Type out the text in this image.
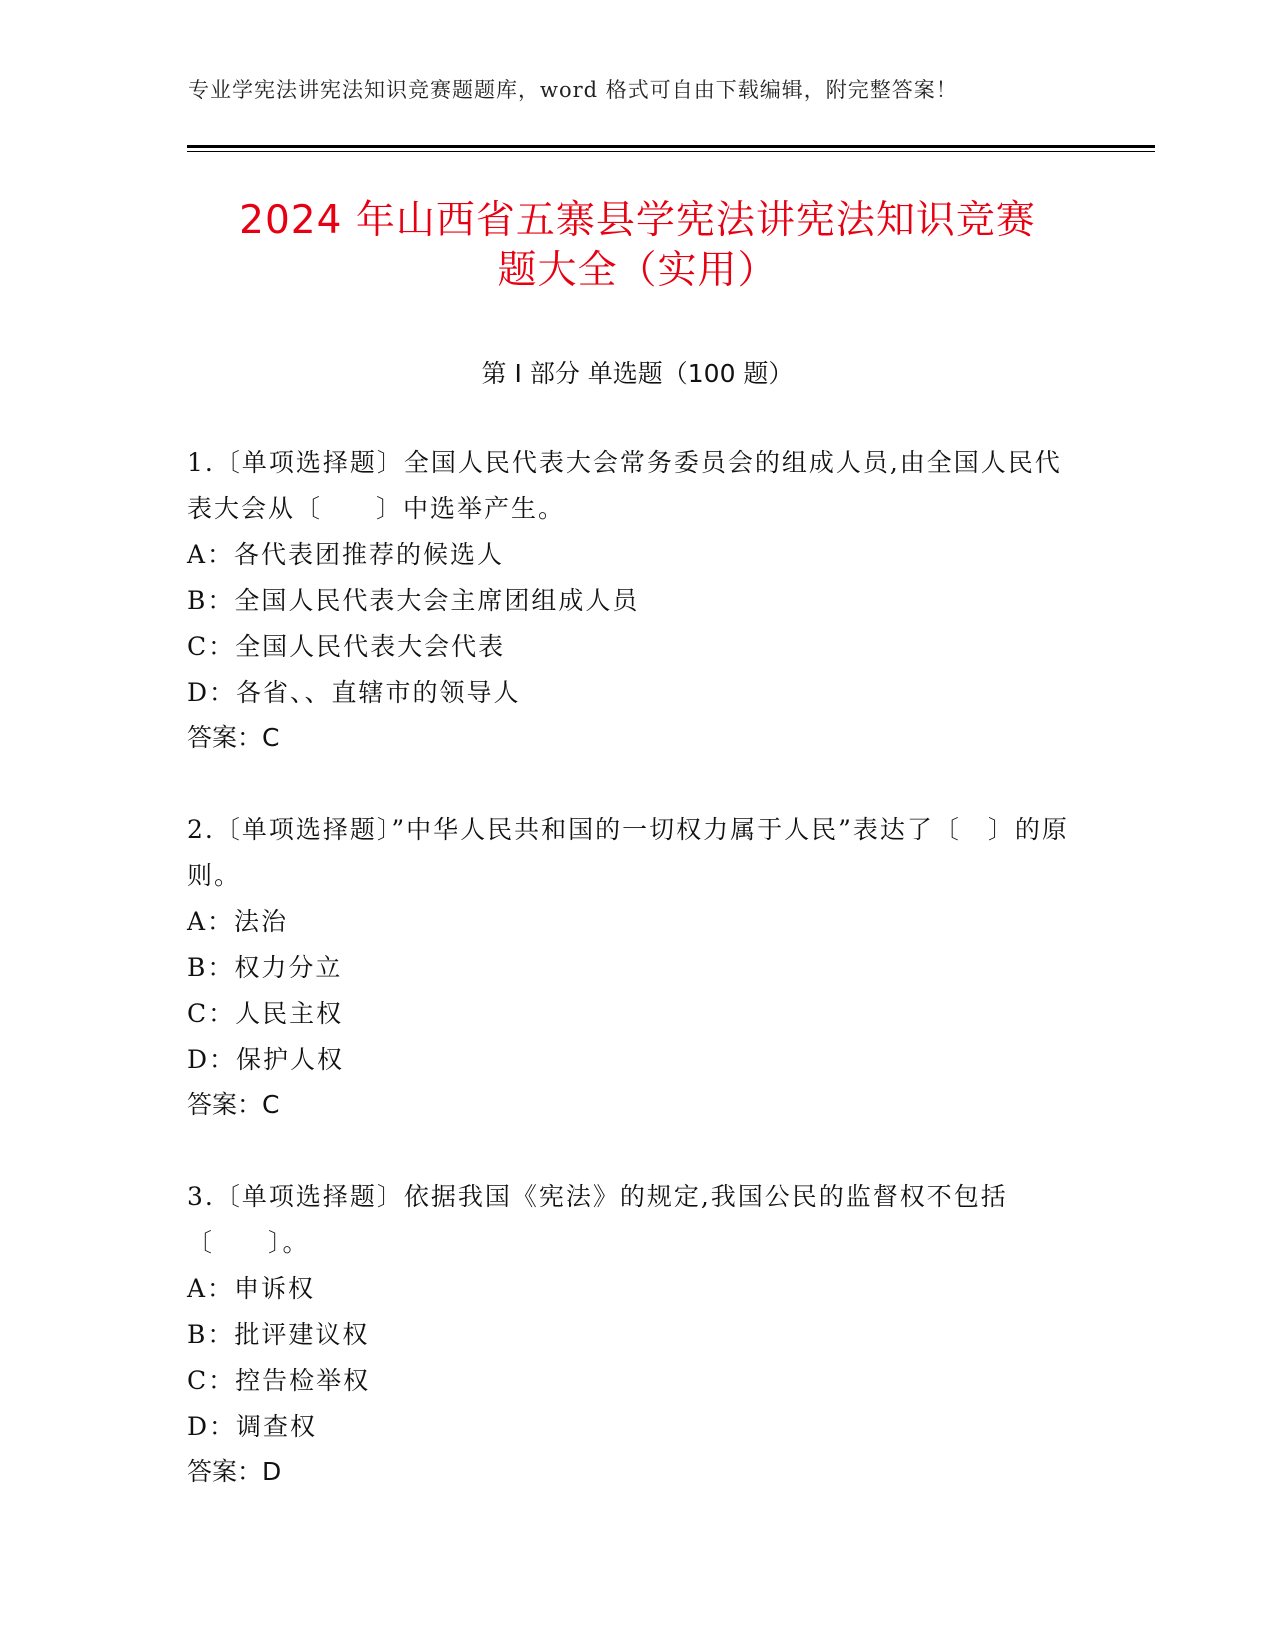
专业学宪法讲宪法知识竞赛题题库，word 格式可自由下载编辑，附完整答案！
2024 年山西省五寨县学宪法讲宪法知识竞赛
题大全（实用）
第 I 部分 单选题（100 题）

1.〔单项选择题〕全国人民代表大会常务委员会的组成人员,由全国人民代表大会从〔　　〕中选举产生。

A：各代表团推荐的候选人

B：全国人民代表大会主席团组成人员

C：全国人民代表大会代表

D：各省、、直辖市的领导人

答案：C

2.〔单项选择题〕”中华人民共和国的一切权力属于人民”表达了〔　〕的原则。

A：法治

B：权力分立

C：人民主权

D：保护人权

答案：C

3.〔单项选择题〕依据我国《宪法》的规定,我国公民的监督权不包括〔　　〕。

A：申诉权

B：批评建议权

C：控告检举权

D：调查权

答案：D
